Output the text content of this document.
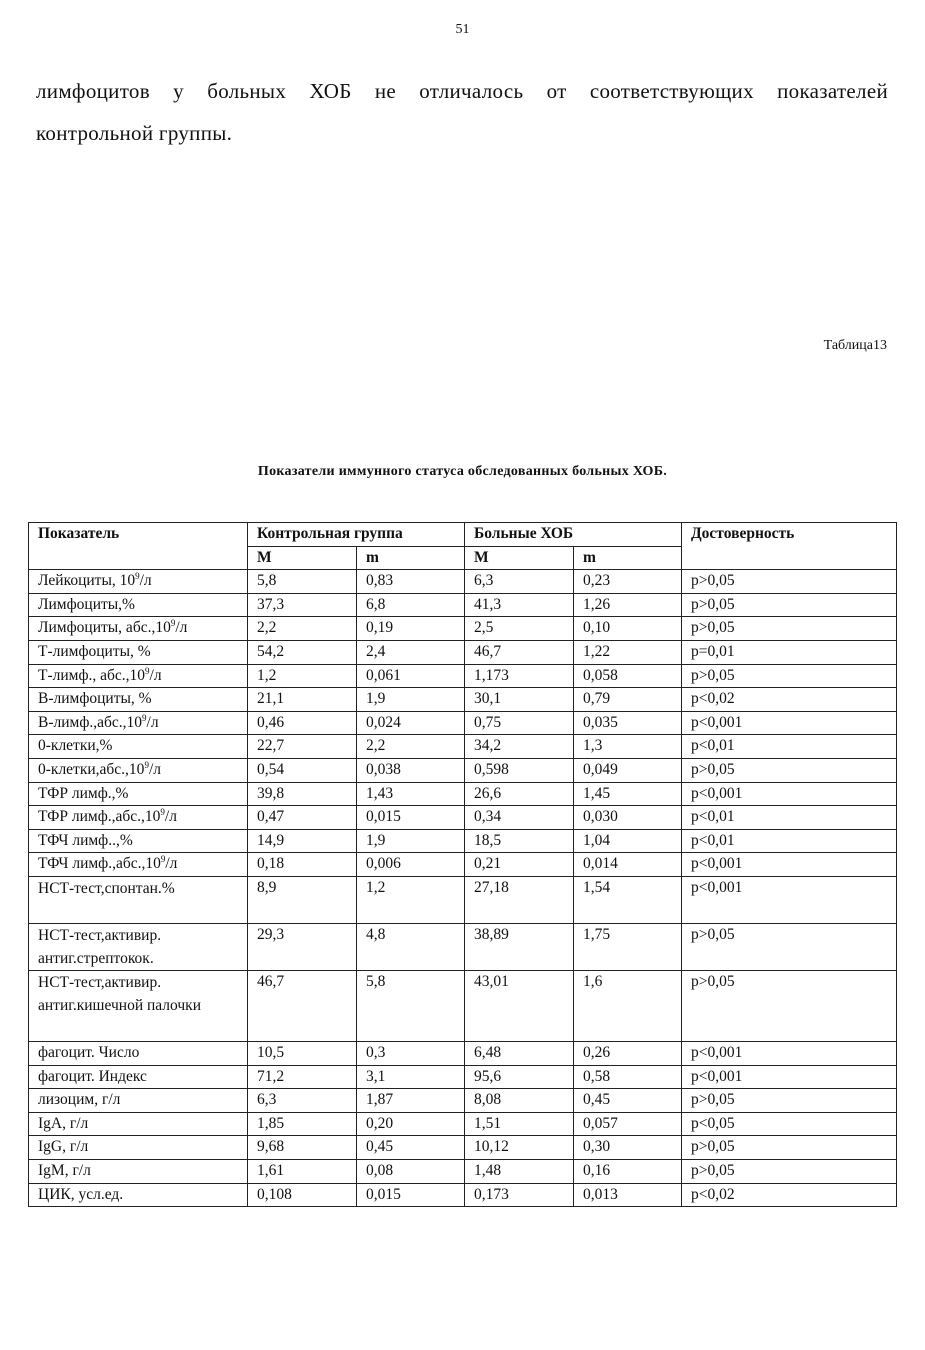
51
лимфоцитов у больных ХОБ не отличалось от соответствующих показателей
контрольной группы.
Таблица13
Показатели иммунного статуса обследованных больных ХОБ.
Показатель	Контрольная группа		Больные ХОБ		Достоверность
	М	m	М	m	
Лейкоциты, $10^9/л$	5,8	0,83	6,3	0,23	p>0,05
Лимфоциты,%	37,3	6,8	41,3	1,26	p>0,05
Лимфоциты, абс.,10$^9$/л	2,2	0,19	2,5	0,10	p>0,05
Т-лимфоциты, %	54,2	2,4	46,7	1,22	p=0,01
Т-лимф., абс.,10$^9$/л	1,2	0,061	1,173	0,058	p>0,05
В-лимфоциты, %	21,1	1,9	30,1	0,79	p<0,02
В-лимф.,абс.,10$^9$/л	0,46	0,024	0,75	0,035	p<0,001
0-клетки,%	22,7	2,2	34,2	1,3	p<0,01
0-клетки,абс.,10$^9$/л	0,54	0,038	0,598	0,049	p>0,05
ТФР лимф.,%	39,8	1,43	26,6	1,45	p<0,001
ТФР лимф.,абс.,10$^9$/л	0,47	0,015	0,34	0,030	p<0,01
ТФЧ лимф..,%	14,9	1,9	18,5	1,04	p<0,01
ТФЧ лимф.,абс.,10$^9$/л	0,18	0,006	0,21	0,014	p<0,001
НСТ-тест,спонтан.%	8,9	1,2	27,18	1,54	p<0,001
НСТ-тест,активир. антиг.стрептокок.	29,3	4,8	38,89	1,75	p>0,05
НСТ-тест,активир. антиг.кишечной палочки	46,7	5,8	43,01	1,6	p>0,05
фагоцит. Число	10,5	0,3	6,48	0,26	p<0,001
фагоцит. Индекс	71,2	3,1	95,6	0,58	p<0,001
лизоцим, г/л	6,3	1,87	8,08	0,45	p>0,05
IgA, г/л	1,85	0,20	1,51	0,057	p<0,05
IgG, г/л	9,68	0,45	10,12	0,30	p>0,05
IgM, г/л	1,61	0,08	1,48	0,16	p>0,05
ЦИК, усл.ед.	0,108	0,015	0,173	0,013	p<0,02
